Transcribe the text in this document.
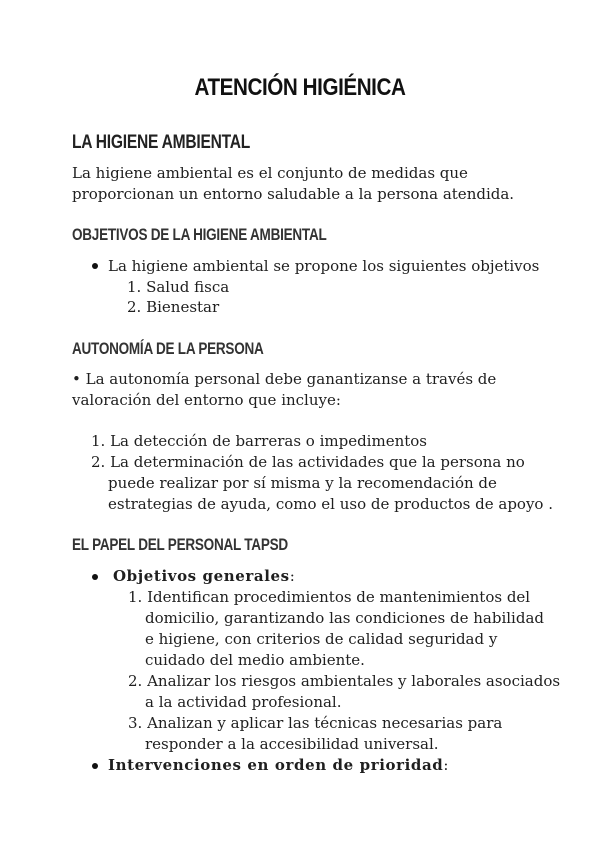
ATENCIÓN HIGIÉNICA
LA HIGIENE AMBIENTAL
La higiene ambiental es el conjunto de medidas que
proporcionan un entorno saludable a la persona atendida.
OBJETIVOS DE LA HIGIENE AMBIENTAL
La higiene ambiental se propone los siguientes objetivos
1. Salud fisca
2. Bienestar
AUTONOMÍA DE LA PERSONA
• La autonomía personal debe ganantizanse a través de
valoración del entorno que incluye:
1. La detección de barreras o impedimentos
2. La determinación de las actividades que la persona no
puede realizar por sí misma y la recomendación de
estrategias de ayuda, como el uso de productos de apoyo .
EL PAPEL DEL PERSONAL TAPSD
Objetivos generales:
1. Identifican procedimientos de mantenimientos del
domicilio, garantizando las condiciones de habilidad
e higiene, con criterios de calidad seguridad y
cuidado del medio ambiente.
2. Analizar los riesgos ambientales y laborales asociados
a la actividad profesional.
3. Analizan y aplicar las técnicas necesarias para
responder a la accesibilidad universal.
Intervenciones en orden de prioridad:
